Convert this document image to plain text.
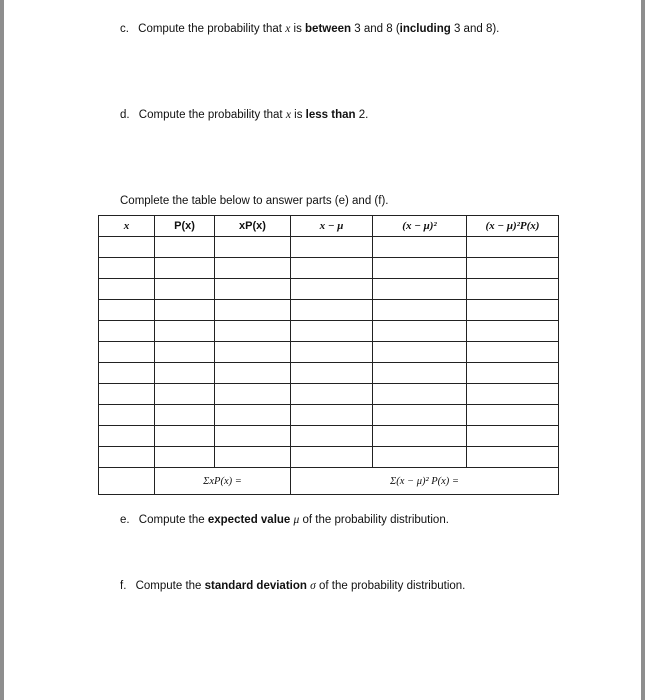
c. Compute the probability that x is between 3 and 8 (including 3 and 8).
d. Compute the probability that x is less than 2.
Complete the table below to answer parts (e) and (f).
x	P(x)	xP(x)	x − μ	(x − μ)²	(x − μ)²P(x)

	ΣxP(x) =		Σ(x − μ)² P(x) =		
e. Compute the expected value μ of the probability distribution.
f. Compute the standard deviation σ of the probability distribution.
